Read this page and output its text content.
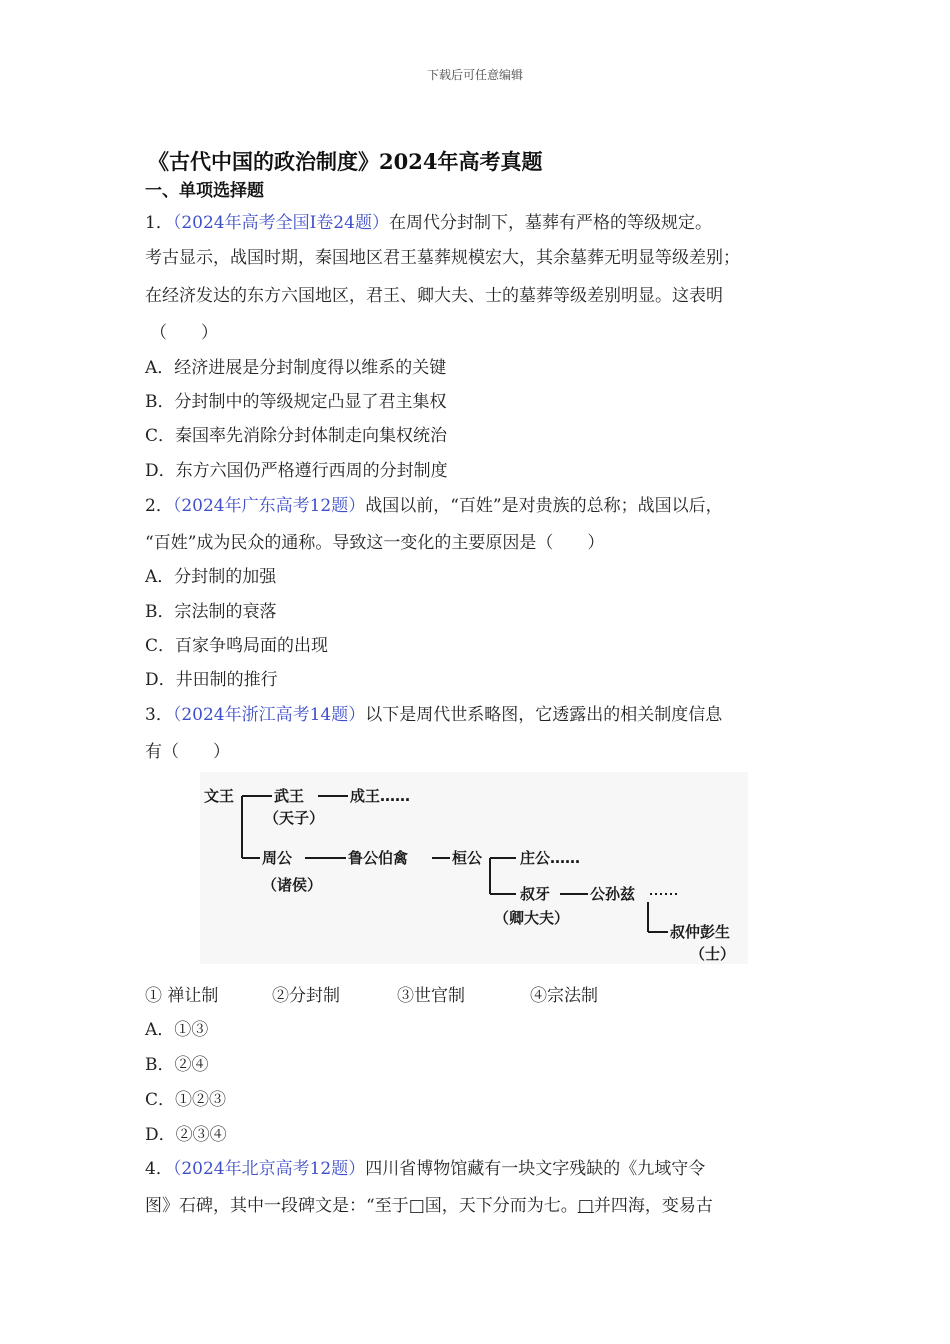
下载后可任意编辑
《古代中国的政治制度》2024年高考真题
一、单项选择题
1．（2024年高考全国Ⅰ卷24题）在周代分封制下，墓葬有严格的等级规定。
考古显示，战国时期，秦国地区君王墓葬规模宏大，其余墓葬无明显等级差别；
在经济发达的东方六国地区，君王、卿大夫、士的墓葬等级差别明显。这表明
（　　）
A．经济进展是分封制度得以维系的关键
B．分封制中的等级规定凸显了君主集权
C．秦国率先消除分封体制走向集权统治
D．东方六国仍严格遵行西周的分封制度
2．（2024年广东高考12题）战国以前，“百姓”是对贵族的总称；战国以后，
“百姓”成为民众的通称。导致这一变化的主要原因是（　　）
A．分封制的加强
B．宗法制的衰落
C．百家争鸣局面的出现
D．井田制的推行
3．（2024年浙江高考14题）以下是周代世系略图，它透露出的相关制度信息
有（　　）
文王	武王	成王……
（天子）
周公	鲁公伯禽	桓公	庄公……
（诸侯）	叔牙	公孙兹
（卿大夫）
叔仲彭生
（士）
① 禅让制	②分封制	③世官制	④宗法制
A．①③
B．②④
C．①②③
D．②③④
4．（2024年北京高考12题）四川省博物馆藏有一块文字残缺的《九域守令
图》石碑，其中一段碑文是：“至于□国，天下分而为七。□并四海，变易古
